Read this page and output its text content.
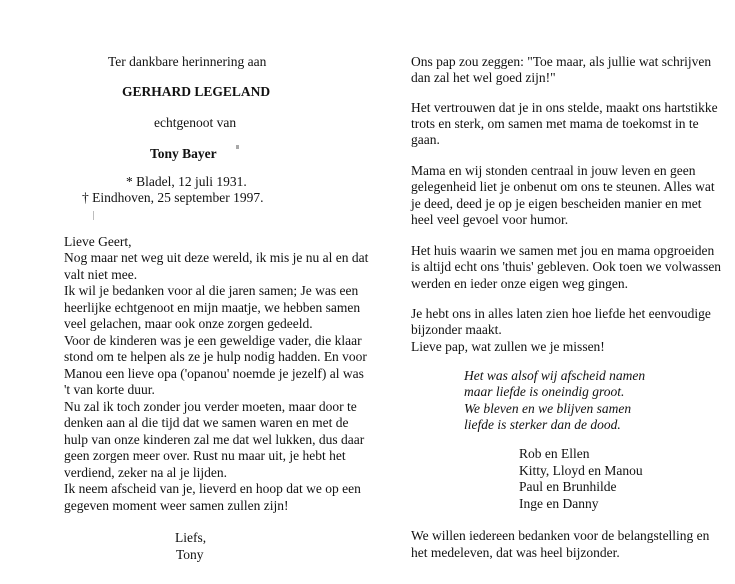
Ter dankbare herinnering aan
GERHARD LEGELAND
echtgenoot van
Tony Bayer
* Bladel, 12 juli 1931.
† Eindhoven, 25 september 1997.
Lieve Geert,
Nog maar net weg uit deze wereld, ik mis je nu al en dat
valt niet mee.
Ik wil je bedanken voor al die jaren samen; Je was een
heerlijke echtgenoot en mijn maatje, we hebben samen
veel gelachen, maar ook onze zorgen gedeeld.
Voor de kinderen was je een geweldige vader, die klaar
stond om te helpen als ze je hulp nodig hadden. En voor
Manou een lieve opa ('opanou' noemde je jezelf) al was
't van korte duur.
Nu zal ik toch zonder jou verder moeten, maar door te
denken aan al die tijd dat we samen waren en met de
hulp van onze kinderen zal me dat wel lukken, dus daar
geen zorgen meer over. Rust nu maar uit, je hebt het
verdiend, zeker na al je lijden.
Ik neem afscheid van je, lieverd en hoop dat we op een
gegeven moment weer samen zullen zijn!
Liefs,
Tony
Ons pap zou zeggen: "Toe maar, als jullie wat schrijven
dan zal het wel goed zijn!"
Het vertrouwen dat je in ons stelde, maakt ons hartstikke
trots en sterk, om samen met mama de toekomst in te
gaan.
Mama en wij stonden centraal in jouw leven en geen
gelegenheid liet je onbenut om ons te steunen. Alles wat
je deed, deed je op je eigen bescheiden manier en met
heel veel gevoel voor humor.
Het huis waarin we samen met jou en mama opgroeiden
is altijd echt ons 'thuis' gebleven. Ook toen we volwassen
werden en ieder onze eigen weg gingen.
Je hebt ons in alles laten zien hoe liefde het eenvoudige
bijzonder maakt.
Lieve pap, wat zullen we je missen!
Het was alsof wij afscheid namen
maar liefde is oneindig groot.
We bleven en we blijven samen
liefde is sterker dan de dood.
Rob en Ellen
Kitty, Lloyd en Manou
Paul en Brunhilde
Inge en Danny
We willen iedereen bedanken voor de belangstelling en
het medeleven, dat was heel bijzonder.
